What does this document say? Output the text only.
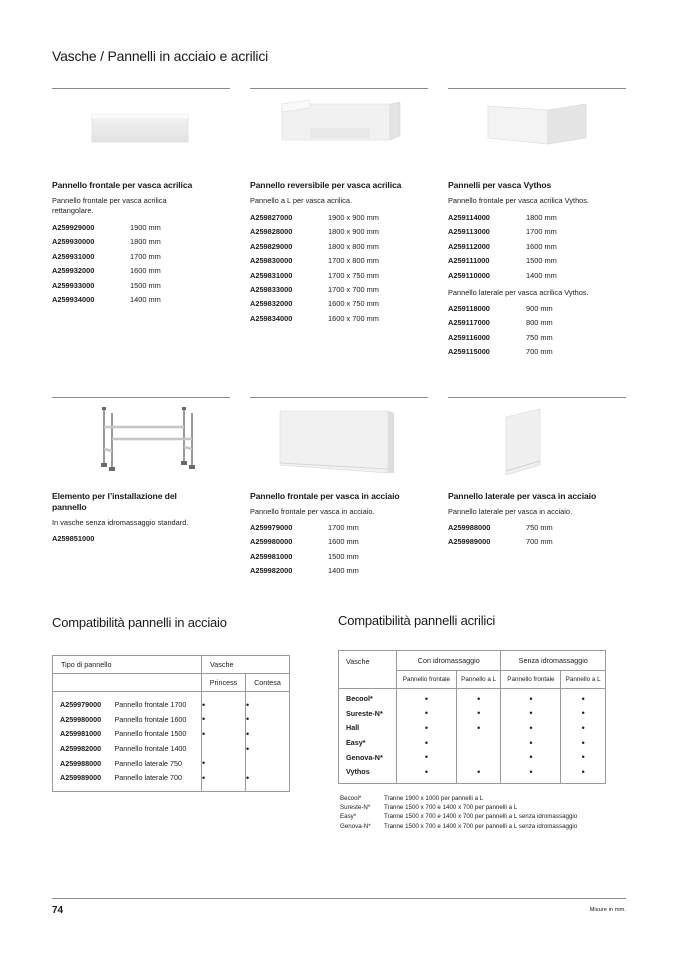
Vasche / Pannelli in acciaio e acrilici
Pannello frontale per vasca acrilica
Pannello frontale per vasca acrilica rettangolare.
A259929000	1900 mm
A259930000	1800 mm
A259931000	1700 mm
A259932000	1600 mm
A259933000	1500 mm
A259934000	1400 mm
Pannello reversibile per vasca acrilica
Pannello a L per vasca acrilica.
A259827000	1900 x 900 mm
A259828000	1800 x 900 mm
A259829000	1800 x 800 mm
A259830000	1700 x 800 mm
A259831000	1700 x 750 mm
A259833000	1700 x 700 mm
A259832000	1600 x 750 mm
A259834000	1600 x 700 mm
Pannelli per vasca Vythos
Pannello frontale per vasca acrilica Vythos.
A259114000	1800 mm
A259113000	1700 mm
A259112000	1600 mm
A259111000	1500 mm
A259110000	1400 mm
Pannello laterale per vasca acrilica Vythos.
A259118000	900 mm
A259117000	800 mm
A259116000	750 mm
A259115000	700 mm
Elemento per l’installazione del pannello
In vasche senza idromassaggio standard.
A259851000
Pannello frontale per vasca in acciaio
Pannello frontale per vasca in acciaio.
A259979000	1700 mm
A259980000	1600 mm
A259981000	1500 mm
A259982000	1400 mm
Pannello laterale per vasca in acciaio
Pannello laterale per vasca in acciaio.
A259988000	750 mm
A259989000	700 mm
Compatibilità pannelli in acciaio	Compatibilità pannelli acrilici
Tipo di pannello		Vasche	
		Princess	Contesa

A259979000	Pannello frontale 1700	•	•
A259980000	Pannello frontale 1600	•	•
A259981000	Pannello frontale 1500	•	•
A259982000	Pannello frontale 1400		•
A259988000	Pannello laterale 750	•	
A259989000	Pannello laterale 700	•	•

Vasche	Con idromassaggio		Senza idromassaggio	
	Pannello frontale	Pannello a L	Pannello frontale	Pannello a L

Becool*	•	•	•	•
Sureste-N*	•	•	•	•
Hall	•	•	•	•
Easy*	•		•	•
Genova-N*	•		•	•
Vythos	•	•	•	•

Becool*	Tranne 1900 x 1000 per pannelli a L
Sureste-N* Tranne 1500 x 700 e 1400 x 700 per pannelli a L
Easy*	Tranne 1500 x 700 e 1400 x 700 per pannelli a L senza idromassaggio
Genova-N* Tranne 1500 x 700 e 1400 x 700 per pannelli a L senza idromassaggio
74	Misure in mm.
